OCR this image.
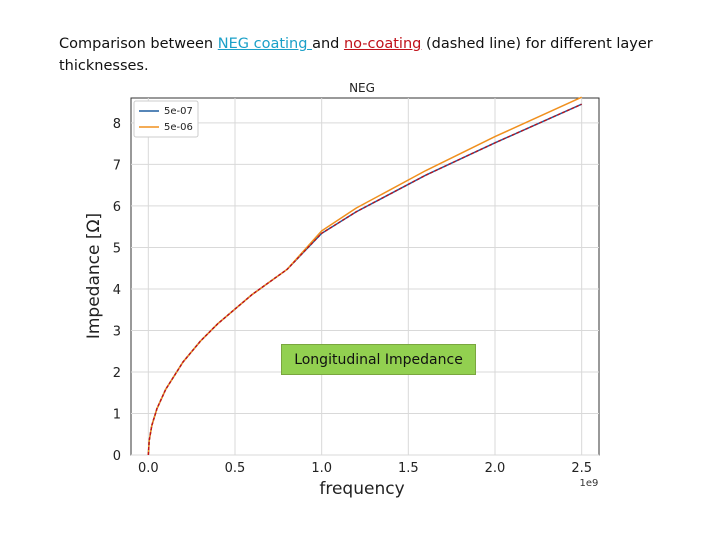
Comparison between NEG coating and no-coating (dashed line) for different layer thicknesses.
NEG
0.0	0.5	1.0	1.5	2.0	2.5
0
1
2
3
4
5
6
7
8
frequency
Impedance [Ω]
1e9
5e-07
5e-06
Longitudinal Impedance
